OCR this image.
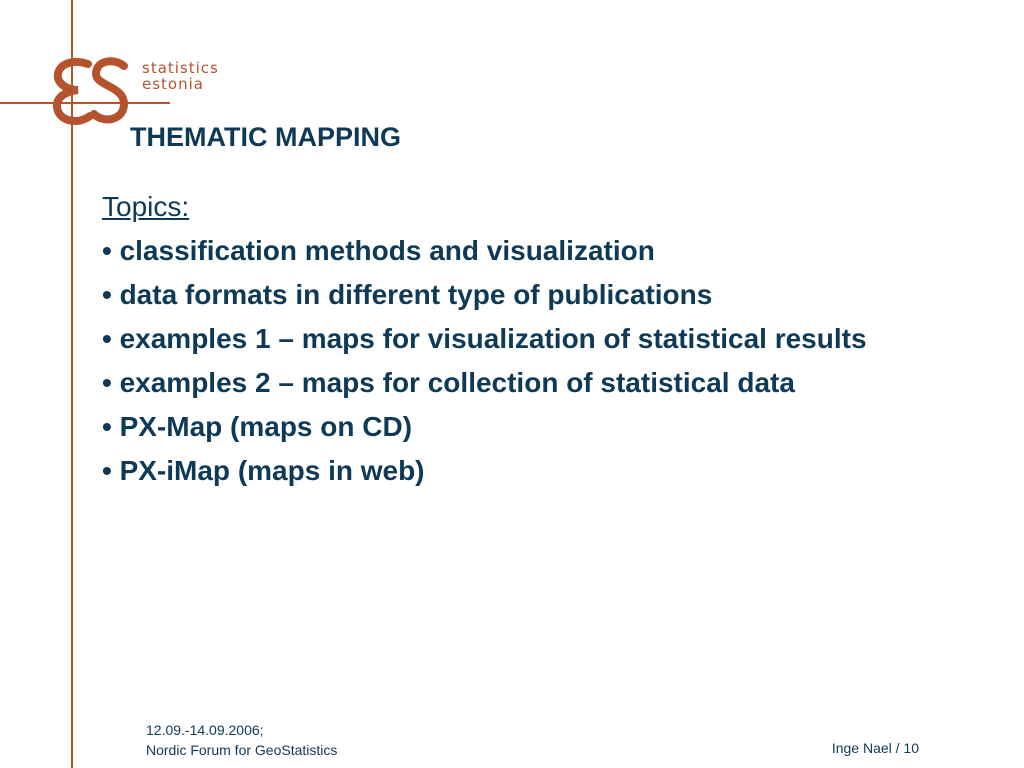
statistics
estonia
THEMATIC MAPPING
Topics:
• classification methods and visualization
• data formats in different type of publications
• examples 1 – maps for visualization of statistical results
• examples 2 – maps for collection of statistical data
• PX-Map (maps on CD)
• PX-iMap (maps in web)
12.09.-14.09.2006;
Nordic Forum for GeoStatistics	Inge Nael / 10
